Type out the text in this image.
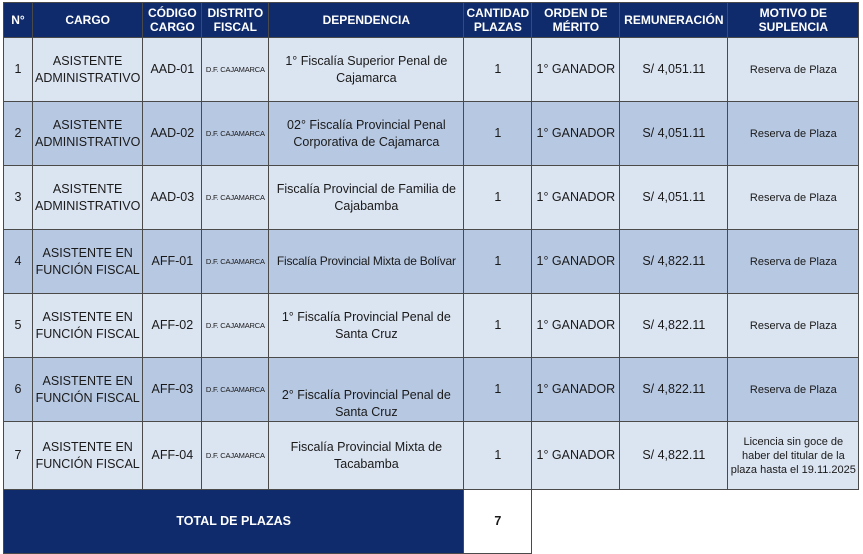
N°	CARGO	CÓDIGO CARGO	DISTRITO FISCAL	DEPENDENCIA	CANTIDAD PLAZAS	ORDEN DE MÉRITO	REMUNERACIÓN	MOTIVO DE SUPLENCIA
1	ASISTENTE ADMINISTRATIVO	AAD-01	D.F. CAJAMARCA	1° Fiscalía Superior Penal de Cajamarca	1	1° GANADOR	S/ 4,051.11	Reserva de Plaza
2	ASISTENTE ADMINISTRATIVO	AAD-02	D.F. CAJAMARCA	02° Fiscalía Provincial Penal Corporativa de Cajamarca	1	1° GANADOR	S/ 4,051.11	Reserva de Plaza
3	ASISTENTE ADMINISTRATIVO	AAD-03	D.F. CAJAMARCA	Fiscalía Provincial de Familia de Cajabamba	1	1° GANADOR	S/ 4,051.11	Reserva de Plaza
4	ASISTENTE EN FUNCIÓN FISCAL	AFF-01	D.F. CAJAMARCA	Fiscalía Provincial Mixta de Bolívar	1	1° GANADOR	S/ 4,822.11	Reserva de Plaza
5	ASISTENTE EN FUNCIÓN FISCAL	AFF-02	D.F. CAJAMARCA	1° Fiscalía Provincial Penal de Santa Cruz	1	1° GANADOR	S/ 4,822.11	Reserva de Plaza
6	ASISTENTE EN FUNCIÓN FISCAL	AFF-03	D.F. CAJAMARCA	2° Fiscalía Provincial Penal de Santa Cruz	1	1° GANADOR	S/ 4,822.11	Reserva de Plaza
7	ASISTENTE EN FUNCIÓN FISCAL	AFF-04	D.F. CAJAMARCA	Fiscalía Provincial Mixta de Tacabamba	1	1° GANADOR	S/ 4,822.11	Licencia sin goce de haber del titular de la plaza hasta el 19.11.2025
TOTAL DE PLAZAS					7			
